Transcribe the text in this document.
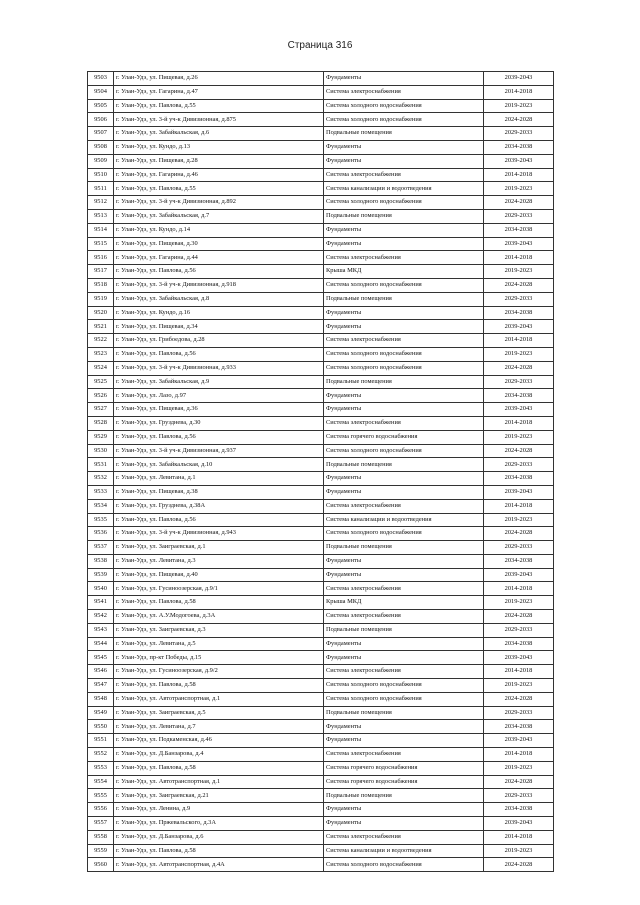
Страница 316
9503	г. Улан-Удэ, ул. Пищевая, д.26	Фундаменты	2039-2043
9504	г. Улан-Удэ, ул. Гагарина, д.47	Система электроснабжения	2014-2018
9505	г. Улан-Удэ, ул. Павлова, д.55	Система холодного водоснабжения	2019-2023
9506	г. Улан-Удэ, ул. 3-й уч-к Дивизионная, д.875	Система холодного водоснабжения	2024-2028
9507	г. Улан-Удэ, ул. Забайкальская, д.6	Подвальные помещения	2029-2033
9508	г. Улан-Удэ, ул. Кундо, д.13	Фундаменты	2034-2038
9509	г. Улан-Удэ, ул. Пищевая, д.28	Фундаменты	2039-2043
9510	г. Улан-Удэ, ул. Гагарина, д.46	Система электроснабжения	2014-2018
9511	г. Улан-Удэ, ул. Павлова, д.55	Система канализации и водоотведения	2019-2023
9512	г. Улан-Удэ, ул. 3-й уч-к Дивизионная, д.892	Система холодного водоснабжения	2024-2028
9513	г. Улан-Удэ, ул. Забайкальская, д.7	Подвальные помещения	2029-2033
9514	г. Улан-Удэ, ул. Кундо, д.14	Фундаменты	2034-2038
9515	г. Улан-Удэ, ул. Пищевая, д.30	Фундаменты	2039-2043
9516	г. Улан-Удэ, ул. Гагарина, д.44	Система электроснабжения	2014-2018
9517	г. Улан-Удэ, ул. Павлова, д.56	Крыша МКД	2019-2023
9518	г. Улан-Удэ, ул. 3-й уч-к Дивизионная, д.918	Система холодного водоснабжения	2024-2028
9519	г. Улан-Удэ, ул. Забайкальская, д.8	Подвальные помещения	2029-2033
9520	г. Улан-Удэ, ул. Кундо, д.16	Фундаменты	2034-2038
9521	г. Улан-Удэ, ул. Пищевая, д.34	Фундаменты	2039-2043
9522	г. Улан-Удэ, ул. Грибоедова, д.28	Система электроснабжения	2014-2018
9523	г. Улан-Удэ, ул. Павлова, д.56	Система холодного водоснабжения	2019-2023
9524	г. Улан-Удэ, ул. 3-й уч-к Дивизионная, д.933	Система холодного водоснабжения	2024-2028
9525	г. Улан-Удэ, ул. Забайкальская, д.9	Подвальные помещения	2029-2033
9526	г. Улан-Удэ, ул. Лазо, д.97	Фундаменты	2034-2038
9527	г. Улан-Удэ, ул. Пищевая, д.36	Фундаменты	2039-2043
9528	г. Улан-Удэ, ул. Грузднева, д.30	Система электроснабжения	2014-2018
9529	г. Улан-Удэ, ул. Павлова, д.56	Система горячего водоснабжения	2019-2023
9530	г. Улан-Удэ, ул. 3-й уч-к Дивизионная, д.937	Система холодного водоснабжения	2024-2028
9531	г. Улан-Удэ, ул. Забайкальская, д.10	Подвальные помещения	2029-2033
9532	г. Улан-Удэ, ул. Левитана, д.1	Фундаменты	2034-2038
9533	г. Улан-Удэ, ул. Пищевая, д.38	Фундаменты	2039-2043
9534	г. Улан-Удэ, ул. Грузднева, д.38А	Система электроснабжения	2014-2018
9535	г. Улан-Удэ, ул. Павлова, д.56	Система канализации и водоотведения	2019-2023
9536	г. Улан-Удэ, ул. 3-й уч-к Дивизионная, д.943	Система холодного водоснабжения	2024-2028
9537	г. Улан-Удэ, ул. Заиграевская, д.1	Подвальные помещения	2029-2033
9538	г. Улан-Удэ, ул. Левитана, д.3	Фундаменты	2034-2038
9539	г. Улан-Удэ, ул. Пищевая, д.40	Фундаменты	2039-2043
9540	г. Улан-Удэ, ул. Гусиноозерская, д.9/1	Система электроснабжения	2014-2018
9541	г. Улан-Удэ, ул. Павлова, д.58	Крыша МКД	2019-2023
9542	г. Улан-Удэ, ул. А.У.Модогоева, д.3А	Система электроснабжения	2024-2028
9543	г. Улан-Удэ, ул. Заиграевская, д.3	Подвальные помещения	2029-2033
9544	г. Улан-Удэ, ул. Левитана, д.5	Фундаменты	2034-2038
9545	г. Улан-Удэ, пр-кт Победы, д.15	Фундаменты	2039-2043
9546	г. Улан-Удэ, ул. Гусиноозерская, д.9/2	Система электроснабжения	2014-2018
9547	г. Улан-Удэ, ул. Павлова, д.58	Система холодного водоснабжения	2019-2023
9548	г. Улан-Удэ, ул. Автотранспортная, д.1	Система холодного водоснабжения	2024-2028
9549	г. Улан-Удэ, ул. Заиграевская, д.5	Подвальные помещения	2029-2033
9550	г. Улан-Удэ, ул. Левитана, д.7	Фундаменты	2034-2038
9551	г. Улан-Удэ, ул. Подкаменская, д.46	Фундаменты	2039-2043
9552	г. Улан-Удэ, ул. Д.Банзарова, д.4	Система электроснабжения	2014-2018
9553	г. Улан-Удэ, ул. Павлова, д.58	Система горячего водоснабжения	2019-2023
9554	г. Улан-Удэ, ул. Автотранспортная, д.1	Система горячего водоснабжения	2024-2028
9555	г. Улан-Удэ, ул. Заиграевская, д.21	Подвальные помещения	2029-2033
9556	г. Улан-Удэ, ул. Ленина, д.9	Фундаменты	2034-2038
9557	г. Улан-Удэ, ул. Пржевальского, д.3А	Фундаменты	2039-2043
9558	г. Улан-Удэ, ул. Д.Банзарова, д.6	Система электроснабжения	2014-2018
9559	г. Улан-Удэ, ул. Павлова, д.58	Система канализации и водоотведения	2019-2023
9560	г. Улан-Удэ, ул. Автотранспортная, д.4А	Система холодного водоснабжения	2024-2028
